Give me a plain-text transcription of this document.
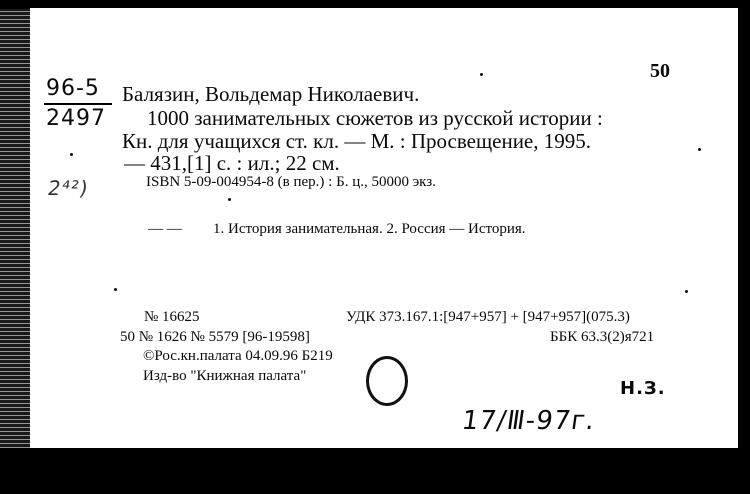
96-5
2497
2⁴²)
50
Балязин, Вольдемар Николаевич.
1000 занимательных сюжетов из русской истории :
Кн. для учащихся ст. кл. — М. : Просвещение, 1995.
— 431,[1] с. : ил.; 22 см.
ISBN 5-09-004954-8 (в пер.) : Б. ц., 50000 экз.
— — 1. История занимательная. 2. Россия — История.
№ 16625	УДК 373.167.1:[947+957] + [947+957](075.3)
50 № 1626 № 5579 [96-19598]	ББК 63.3(2)я721
©Рос.кн.палата 04.09.96 Б219
Изд-во "Книжная палата"
17/Ⅲ-97г.
Н.З.
